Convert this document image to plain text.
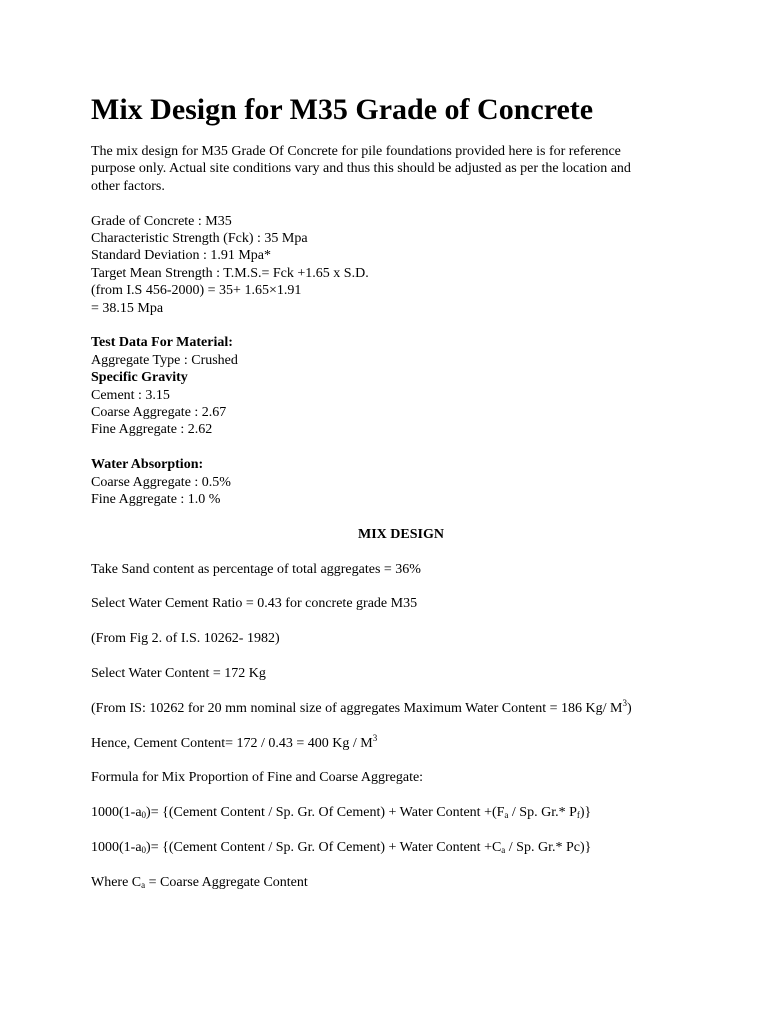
Mix Design for M35 Grade of Concrete

The mix design for M35 Grade Of Concrete for pile foundations provided here is for reference
purpose only. Actual site conditions vary and thus this should be adjusted as per the location and
other factors.

Grade of Concrete : M35
Characteristic Strength (Fck) : 35 Mpa
Standard Deviation : 1.91 Mpa*
Target Mean Strength : T.M.S.= Fck +1.65 x S.D.
(from I.S 456-2000) = 35+ 1.65×1.91
= 38.15 Mpa

Test Data For Material:
Aggregate Type : Crushed
Specific Gravity
Cement : 3.15
Coarse Aggregate : 2.67
Fine Aggregate : 2.62

Water Absorption:
Coarse Aggregate : 0.5%
Fine Aggregate : 1.0 %

MIX DESIGN

Take Sand content as percentage of total aggregates = 36%

Select Water Cement Ratio = 0.43 for concrete grade M35

(From Fig 2. of I.S. 10262- 1982)

Select Water Content = 172 Kg

(From IS: 10262 for 20 mm nominal size of aggregates Maximum Water Content = 186 Kg/ $M^3$)

Hence, Cement Content= 172 / 0.43 = 400 Kg / $M^3$

Formula for Mix Proportion of Fine and Coarse Aggregate:

$1000(1-a_0)=$ {(Cement Content / Sp. Gr. Of Cement) + Water Content $+(F_a / Sp$. Gr.* $P_f$)}

$1000(1-a_0)=$ {(Cement Content / Sp. Gr. Of Cement) + Water Content $+C_a / Sp$. Gr.* Pc)}

Where $C_a$ = Coarse Aggregate Content
